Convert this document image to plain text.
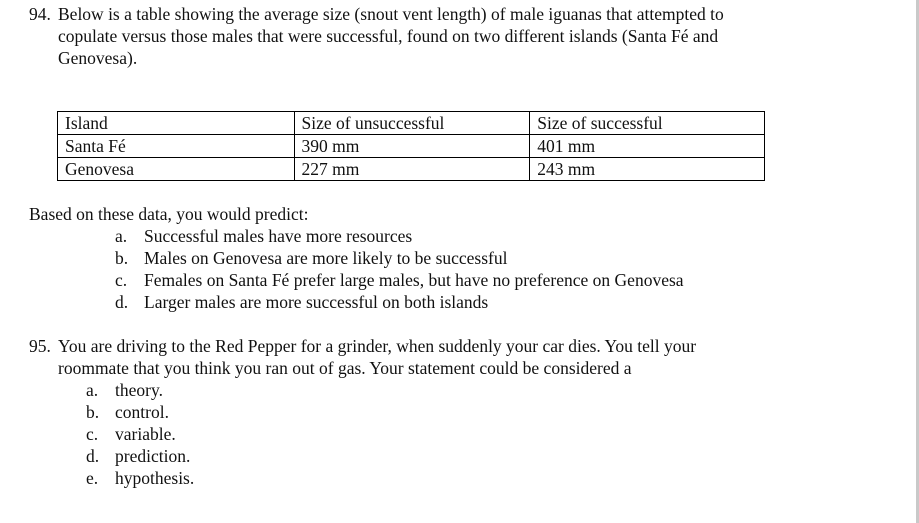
94. Below is a table showing the average size (snout vent length) of male iguanas that attempted to
copulate versus those males that were successful, found on two different islands (Santa Fé and
Genovesa).
Island	Size of unsuccessful	Size of successful
Santa Fé	390 mm	401 mm
Genovesa	227 mm	243 mm
Based on these data, you would predict:
a. Successful males have more resources
b. Males on Genovesa are more likely to be successful
c. Females on Santa Fé prefer large males, but have no preference on Genovesa
d. Larger males are more successful on both islands
95. You are driving to the Red Pepper for a grinder, when suddenly your car dies. You tell your
roommate that you think you ran out of gas. Your statement could be considered a
a. theory.
b. control.
c. variable.
d. prediction.
e. hypothesis.
